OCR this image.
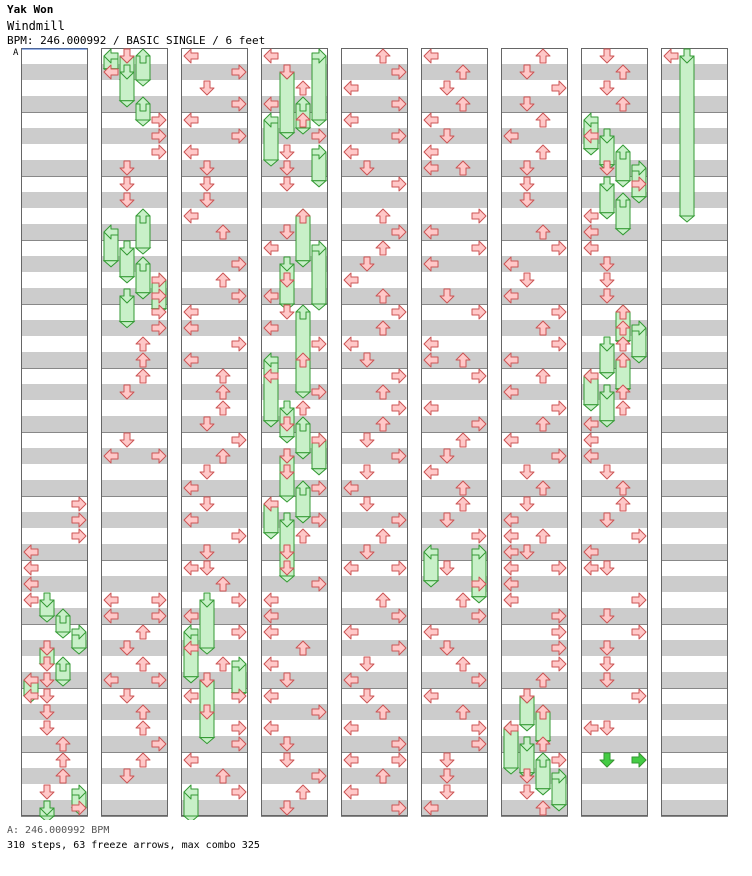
Yak Won
Windmill
BPM: 246.000992 / BASIC SINGLE / 6 feet
A
A: 246.000992 BPM
310 steps, 63 freeze arrows, max combo 325
